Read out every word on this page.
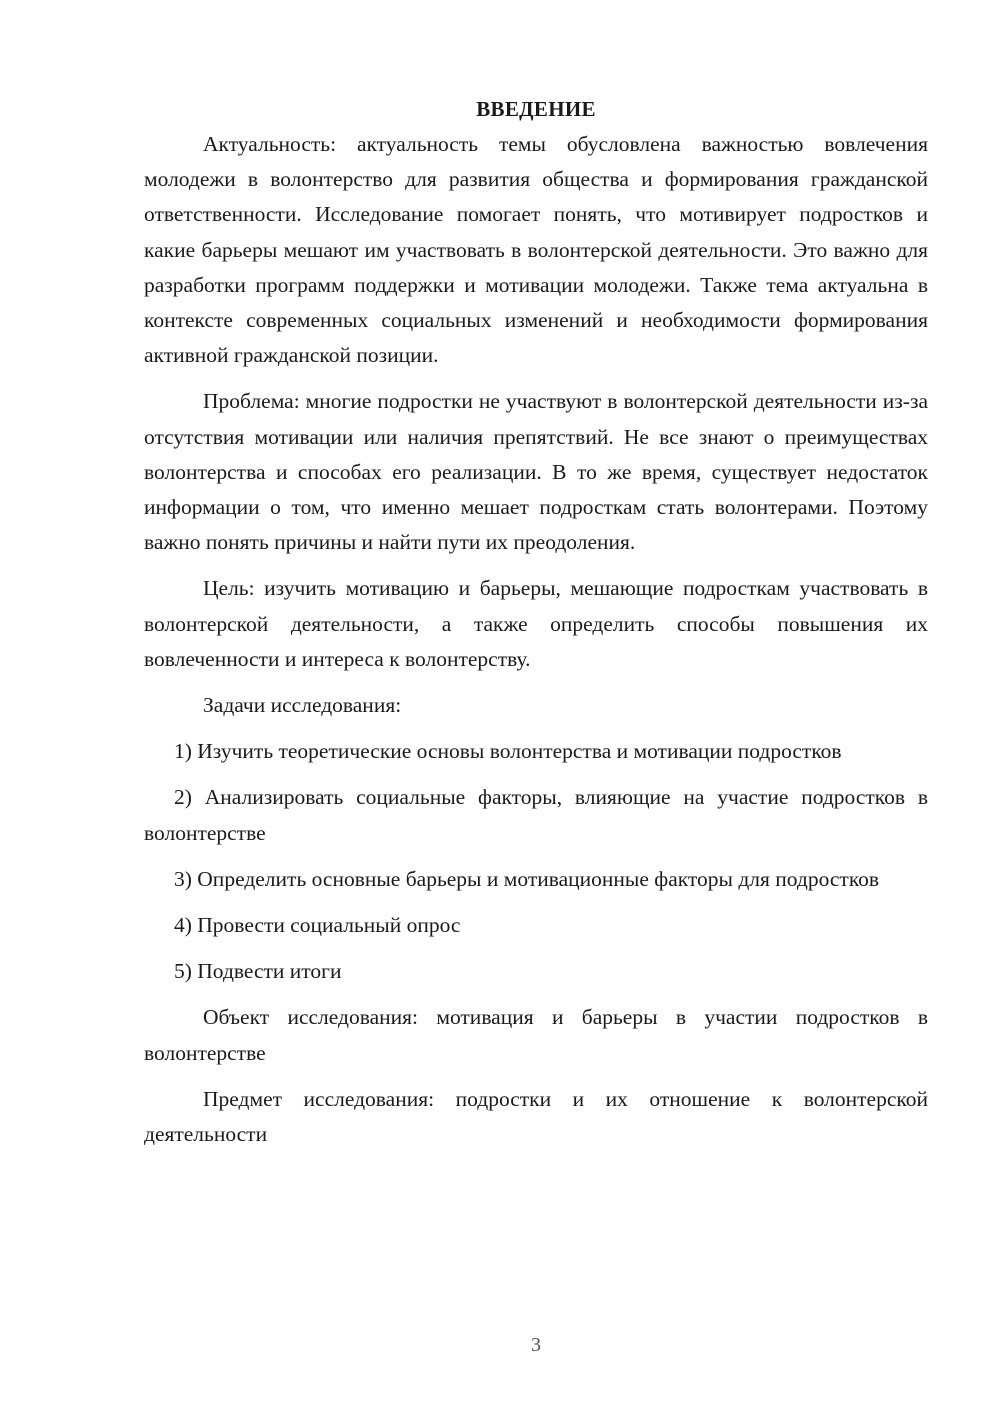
ВВЕДЕНИЕ

Актуальность: актуальность темы обусловлена важностью вовлечения молодежи в волонтерство для развития общества и формирования гражданской ответственности. Исследование помогает понять, что мотивирует подростков и какие барьеры мешают им участвовать в волонтерской деятельности. Это важно для разработки программ поддержки и мотивации молодежи. Также тема актуальна в контексте современных социальных изменений и необходимости формирования активной гражданской позиции.

Проблема: многие подростки не участвуют в волонтерской деятельности из-за отсутствия мотивации или наличия препятствий. Не все знают о преимуществах волонтерства и способах его реализации. В то же время, существует недостаток информации о том, что именно мешает подросткам стать волонтерами. Поэтому важно понять причины и найти пути их преодоления.

Цель: изучить мотивацию и барьеры, мешающие подросткам участвовать в волонтерской деятельности, а также определить способы повышения их вовлеченности и интереса к волонтерству.

Задачи исследования:

1) Изучить теоретические основы волонтерства и мотивации подростков

2) Анализировать социальные факторы, влияющие на участие подростков в волонтерстве

3) Определить основные барьеры и мотивационные факторы для подростков

4) Провести социальный опрос

5) Подвести итоги

Объект исследования: мотивация и барьеры в участии подростков в волонтерстве

Предмет исследования: подростки и их отношение к волонтерской деятельности

3
